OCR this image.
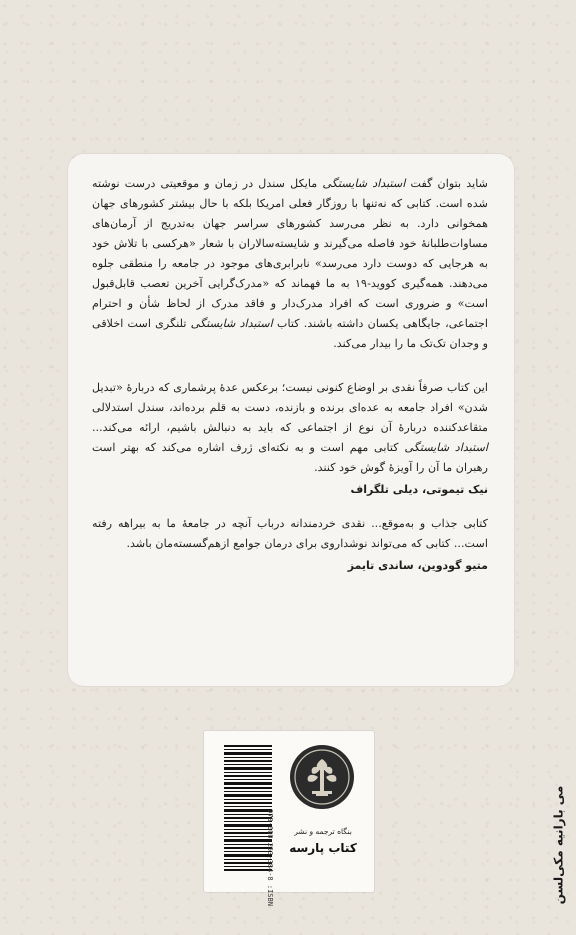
شاید بتوان گفت استبداد شایستگی مایکل سندل در زمان و موقعیتی درست نوشته شده است. کتابی که نه‌تنها با روزگار فعلی امریکا بلکه با حال بیشتر کشورهای جهان همخوانی دارد. به نظر می‌رسد کشورهای سراسر جهان به‌تدریج از آرمان‌های مساوات‌طلبانهٔ خود فاصله می‌گیرند و شایسته‌سالاران با شعار «هرکسی با تلاش خود به هرجایی که دوست دارد می‌رسد» نابرابری‌های موجود در جامعه را منطقی جلوه می‌دهند. همه‌گیری کووید-۱۹ به ما فهماند که «مدرک‌گرایی آخرین تعصب قابل‌قبول است» و ضروری است که افراد مدرک‌دار و فاقد مدرک از لحاظ شأن و احترام اجتماعی، جایگاهی یکسان داشته باشند. کتاب استبداد شایستگی تلنگری است اخلاقی و وجدان تک‌تک ما را بیدار می‌کند.

این کتاب صرفاً نقدی بر اوضاع کنونی نیست؛ برعکس عدهٔ پرشماری که دربارهٔ «تبدیل شدن» افراد جامعه به عده‌ای برنده و بازنده، دست به قلم برده‌اند، سندل استدلالی متقاعدکننده دربارهٔ آن نوع از اجتماعی که باید به دنبالش باشیم، ارائه می‌کند... استبداد شایستگی کتابی مهم است و به نکته‌ای ژرف اشاره می‌کند که بهتر است رهبران ما آن را آویزهٔ گوش خود کنند.

نیک تیموتی، دیلی تلگراف

کتابی جذاب و به‌موقع... نقدی خردمندانه درباب آنچه در جامعهٔ ما به بیراهه رفته است... کتابی که می‌تواند نوشداروی برای درمان جوامع ازهم‌گسسته‌مان باشد.

متیو گودوین، ساندی تایمز

می‌ بارانیه مکی‌لسن
978-600-253-384-8 :ISBN	بنگاه ترجمه و نشر
کتاب پارسه
